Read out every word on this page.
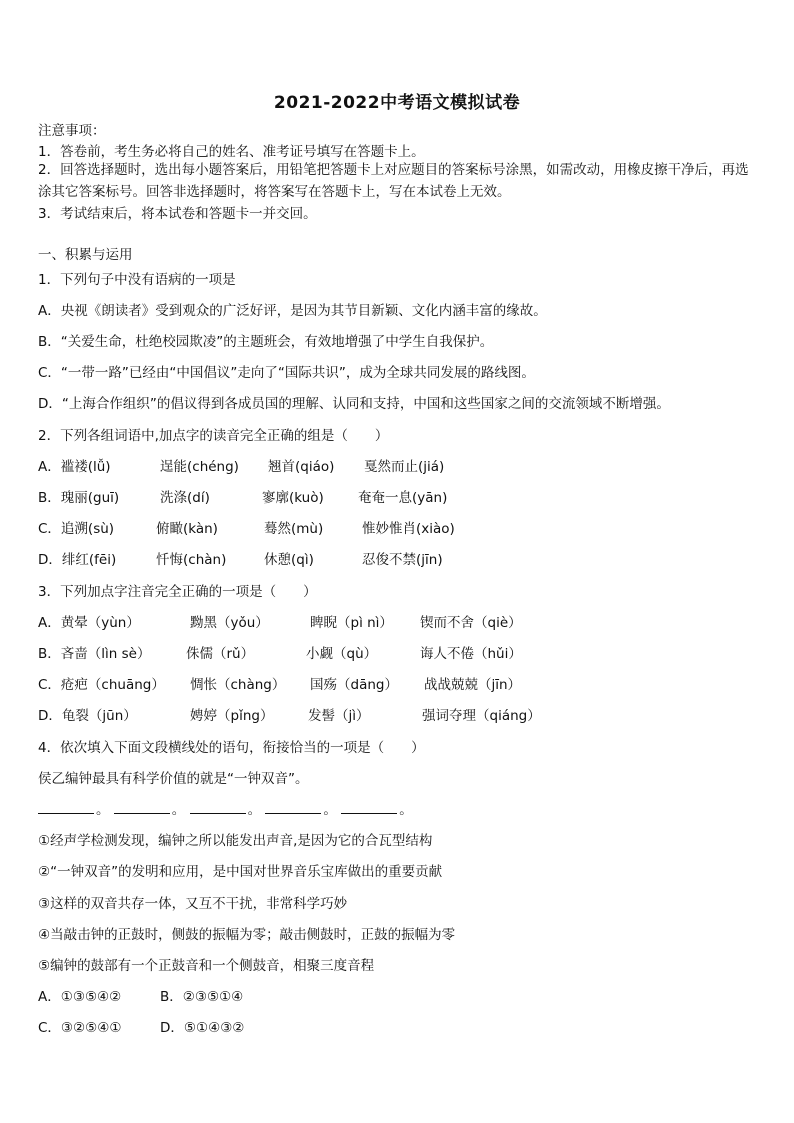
2021-2022中考语文模拟试卷
注意事项：
1．答卷前，考生务必将自己的姓名、准考证号填写在答题卡上。
2．回答选择题时，选出每小题答案后，用铅笔把答题卡上对应题目的答案标号涂黑，如需改动，用橡皮擦干净后，再选涂其它答案标号。回答非选择题时，将答案写在答题卡上，写在本试卷上无效。
3．考试结束后，将本试卷和答题卡一并交回。
一、积累与运用
1．下列句子中没有语病的一项是
A．央视《朗读者》受到观众的广泛好评，是因为其节目新颖、文化内涵丰富的缘故。
B．“关爱生命，杜绝校园欺凌”的主题班会，有效地增强了中学生自我保护。
C．“一带一路”已经由“中国倡议”走向了“国际共识”，成为全球共同发展的路线图。
D．“上海合作组织”的倡议得到各成员国的理解、认同和支持，中国和这些国家之间的交流领域不断增强。
2．下列各组词语中,加点字的读音完全正确的组是（　　）
A．褴褛(lǚ)	逞能(chéng) 翘首(qiáo) 戛然而止(jiá)
B．瑰丽(guī)	洗涤(dí)	寥廓(kuò)	奄奄一息(yān)
C．追溯(sù)	俯瞰(kàn)	蓦然(mù)	惟妙惟肖(xiào)
D．绯红(fēi)	忏悔(chàn)	休憩(qì)	忍俊不禁(jīn)
3．下列加点字注音完全正确的一项是（　　）
A．黄晕（yùn）	黝黑（yǒu）	睥睨（pì nì） 锲而不舍（qiè）
B．吝啬（lìn sè）	侏儒（rǔ）	小觑（qù）	诲人不倦（hǔi）
C．疮疤（chuāng） 惆怅（chàng） 国殇（dāng） 战战兢兢（jīn）
D．龟裂（jūn）	娉婷（pǐng）	发髻（jì）	强词夺理（qiáng）
4．依次填入下面文段横线处的语句，衔接恰当的一项是（　　）
侯乙编钟最具有科学价值的就是“一钟双音”。
。	。	。	。	。
①经声学检测发现，编钟之所以能发出声音,是因为它的合瓦型结构
②“一钟双音”的发明和应用，是中国对世界音乐宝库做出的重要贡献
③这样的双音共存一体，又互不干扰，非常科学巧妙
④当敲击钟的正鼓时，侧鼓的振幅为零；敲击侧鼓时，正鼓的振幅为零
⑤编钟的鼓部有一个正鼓音和一个侧鼓音，相聚三度音程
A．①③⑤④②	B．②③⑤①④
C．③②⑤④①	D．⑤①④③②
